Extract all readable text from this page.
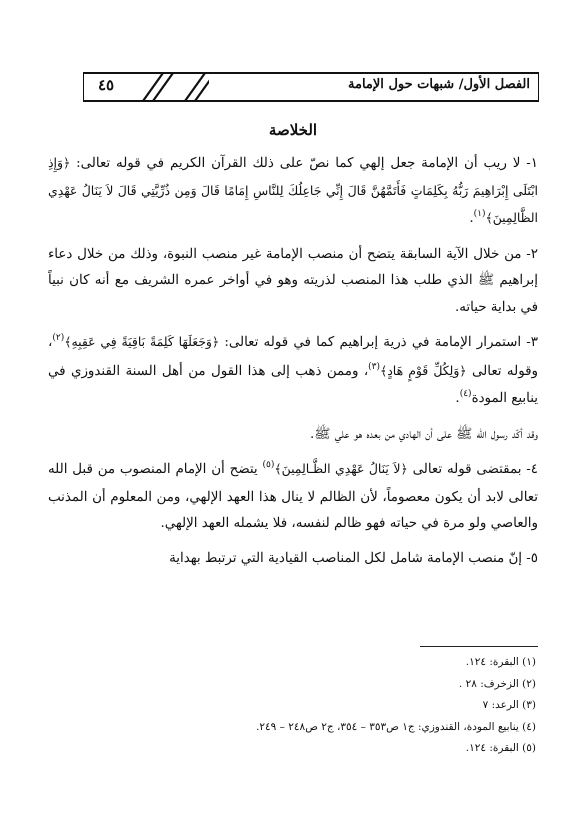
الفصل الأول/ شبهات حول الإمامة
٤٥
الخلاصة

١- لا ريب أن الإمامة جعل إلهي كما نصّ على ذلك القرآن الكريم في قوله تعالى: ﴿وَإِذِ ابْتَلَى إِبْرَاهِيمَ رَبُّهُ بِكَلِمَاتٍ فَأَتَمَّهُنَّ قَالَ إِنِّي جَاعِلُكَ لِلنَّاسِ إِمَامًا قَالَ وَمِن ذُرِّيَّتِي قَالَ لاَ يَنَالُ عَهْدِي الظَّالِمِينَ﴾$^{(١)}$.

٢- من خلال الآية السابقة يتضح أن منصب الإمامة غير منصب النبوة، وذلك من خلال دعاء إبراهيم ﷺ الذي طلب هذا المنصب لذريته وهو في أواخر عمره الشريف مع أنه كان نبياً في بداية حياته.

٣- استمرار الإمامة في ذرية إبراهيم كما في قوله تعالى: ﴿وَجَعَلَهَا كَلِمَةً بَاقِيَةً فِي عَقِبِهِ﴾$^{(٢)}$، وقوله تعالى ﴿وَلِكُلِّ قَوْمٍ هَادٍ﴾$^{(٣)}$، وممن ذهب إلى هذا القول من أهل السنة القندوزي في ينابيع المودة$^{(٤)}$.

وقد أكّد رسول الله ﷺ على أن الهادي من بعده هو علي ﷺ.

٤- بمقتضى قوله تعالى ﴿لاَ يَنَالُ عَهْدِي الظَّـالِمِينَ﴾$^{(٥)}$ يتضح أن الإمام المنصوب من قبل الله تعالى لابد أن يكون معصوماً، لأن الظالم لا ينال هذا العهد الإلهي، ومن المعلوم أن المذنب والعاصي ولو مرة في حياته فهو ظالم لنفسه، فلا يشمله العهد الإلهي.

٥- إنّ منصب الإمامة شامل لكل المناصب القيادية التي ترتبط بهداية

(١) البقرة: ١٢٤.
(٢) الزخرف: ٢٨ .
(٣) الرعد: ٧
(٤) ينابيع المودة، القندوزي: ج١ ص٣٥٣ – ٣٥٤، ج٢ ص٢٤٨ – ٢٤٩.
(٥) البقرة: ١٢٤.
